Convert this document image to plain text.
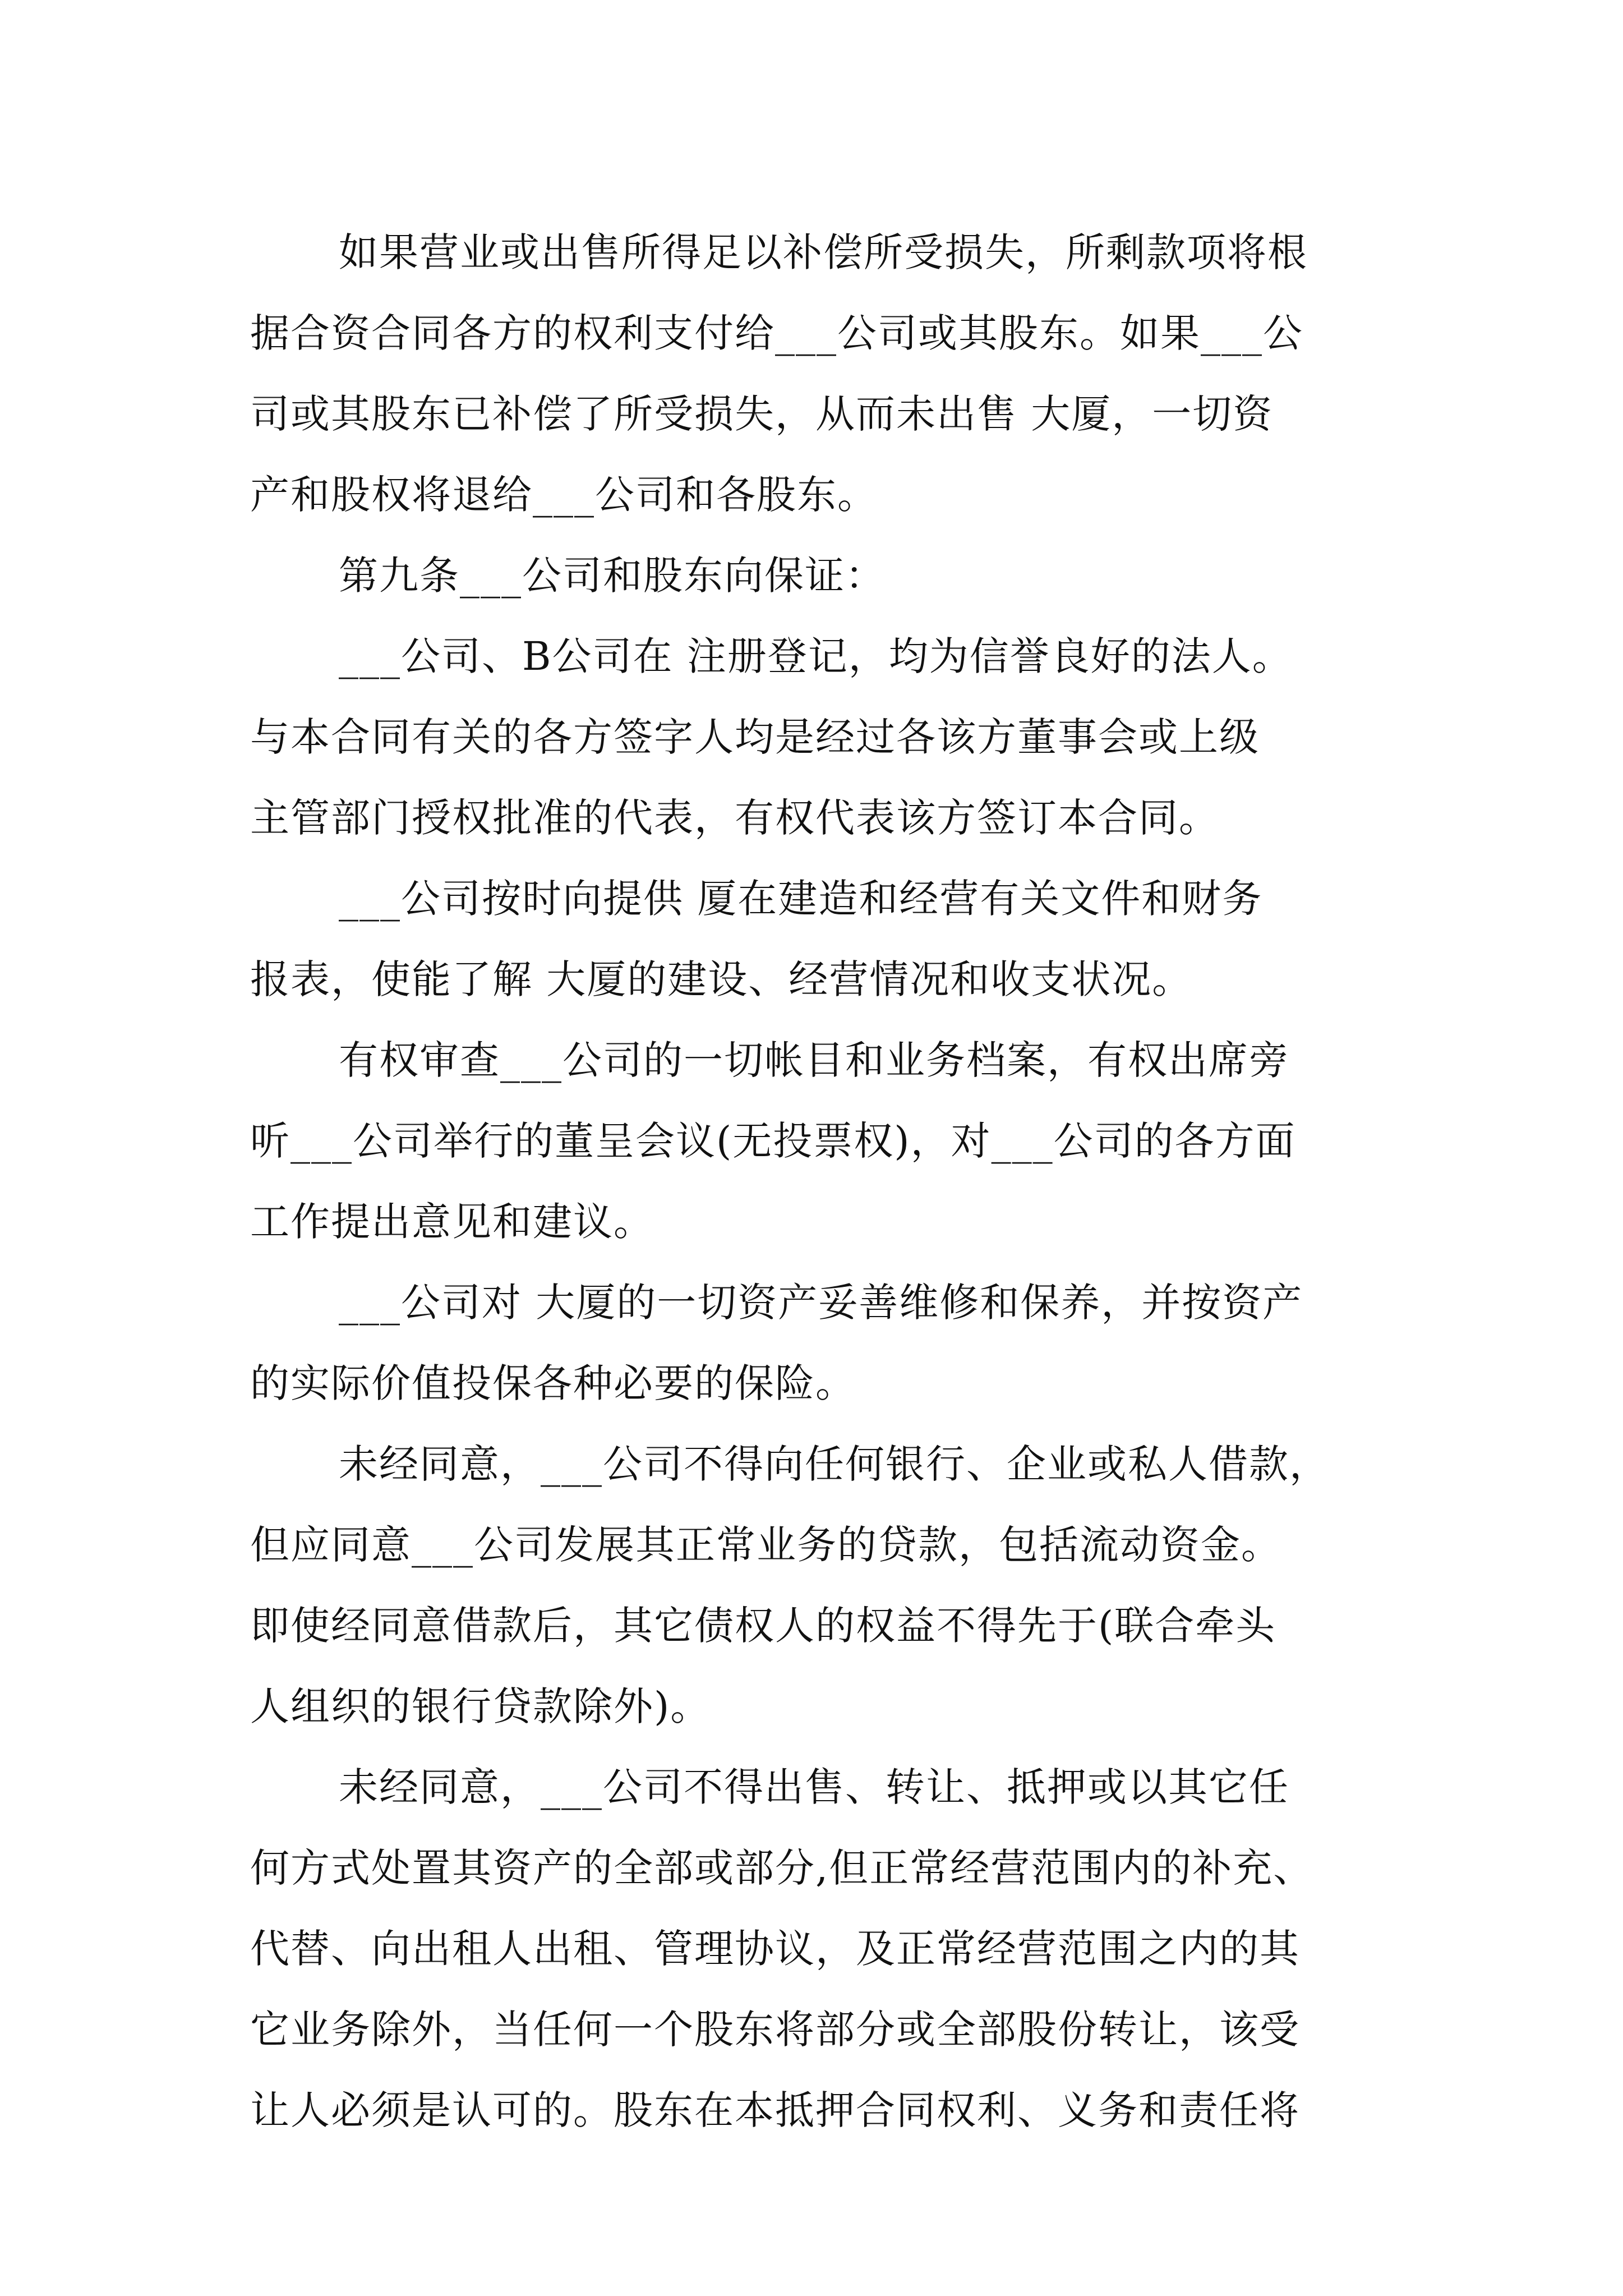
如果营业或出售所得足以补偿所受损失，所剩款项将根
据合资合同各方的权利支付给___公司或其股东。如果___公
司或其股东已补偿了所受损失，从而未出售 大厦，一切资
产和股权将退给___公司和各股东。

第九条___公司和股东向保证：

___公司、B公司在 注册登记，均为信誉良好的法人。
与本合同有关的各方签字人均是经过各该方董事会或上级
主管部门授权批准的代表，有权代表该方签订本合同。

___公司按时向提供 厦在建造和经营有关文件和财务
报表，使能了解 大厦的建设、经营情况和收支状况。

有权审查___公司的一切帐目和业务档案，有权出席旁
听___公司举行的董呈会议(无投票权)，对___公司的各方面
工作提出意见和建议。

___公司对 大厦的一切资产妥善维修和保养，并按资产
的实际价值投保各种必要的保险。

未经同意，___公司不得向任何银行、企业或私人借款，
但应同意___公司发展其正常业务的贷款，包括流动资金。
即使经同意借款后，其它债权人的权益不得先于(联合牵头
人组织的银行贷款除外)。

未经同意，___公司不得出售、转让、抵押或以其它任
何方式处置其资产的全部或部分,但正常经营范围内的补充、
代替、向出租人出租、管理协议，及正常经营范围之内的其
它业务除外，当任何一个股东将部分或全部股份转让，该受
让人必须是认可的。股东在本抵押合同权利、义务和责任将
